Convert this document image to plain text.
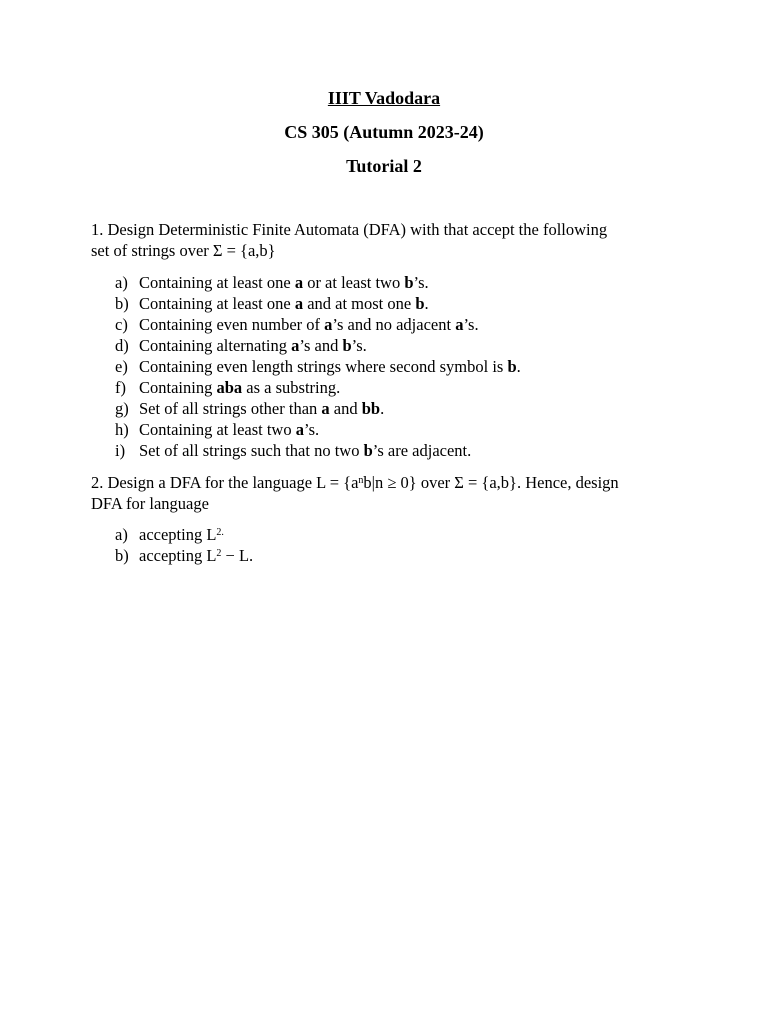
IIIT Vadodara
CS 305 (Autumn 2023-24)
Tutorial 2
1. Design Deterministic Finite Automata (DFA) with that accept the following
set of strings over Σ = {a,b}
a) Containing at least one a or at least two b’s.
b) Containing at least one a and at most one b.
c) Containing even number of a’s and no adjacent a’s.
d) Containing alternating a’s and b’s.
e) Containing even length strings where second symbol is b.
f) Containing aba as a substring.
g) Set of all strings other than a and bb.
h) Containing at least two a’s.
i) Set of all strings such that no two b’s are adjacent.
2. Design a DFA for the language $L = \{a^nb|n \ge 0\}$ over Σ = {a,b}. Hence, design
DFA for language
a) accepting $L^{2.}$
b) accepting $L^2 - L$.
